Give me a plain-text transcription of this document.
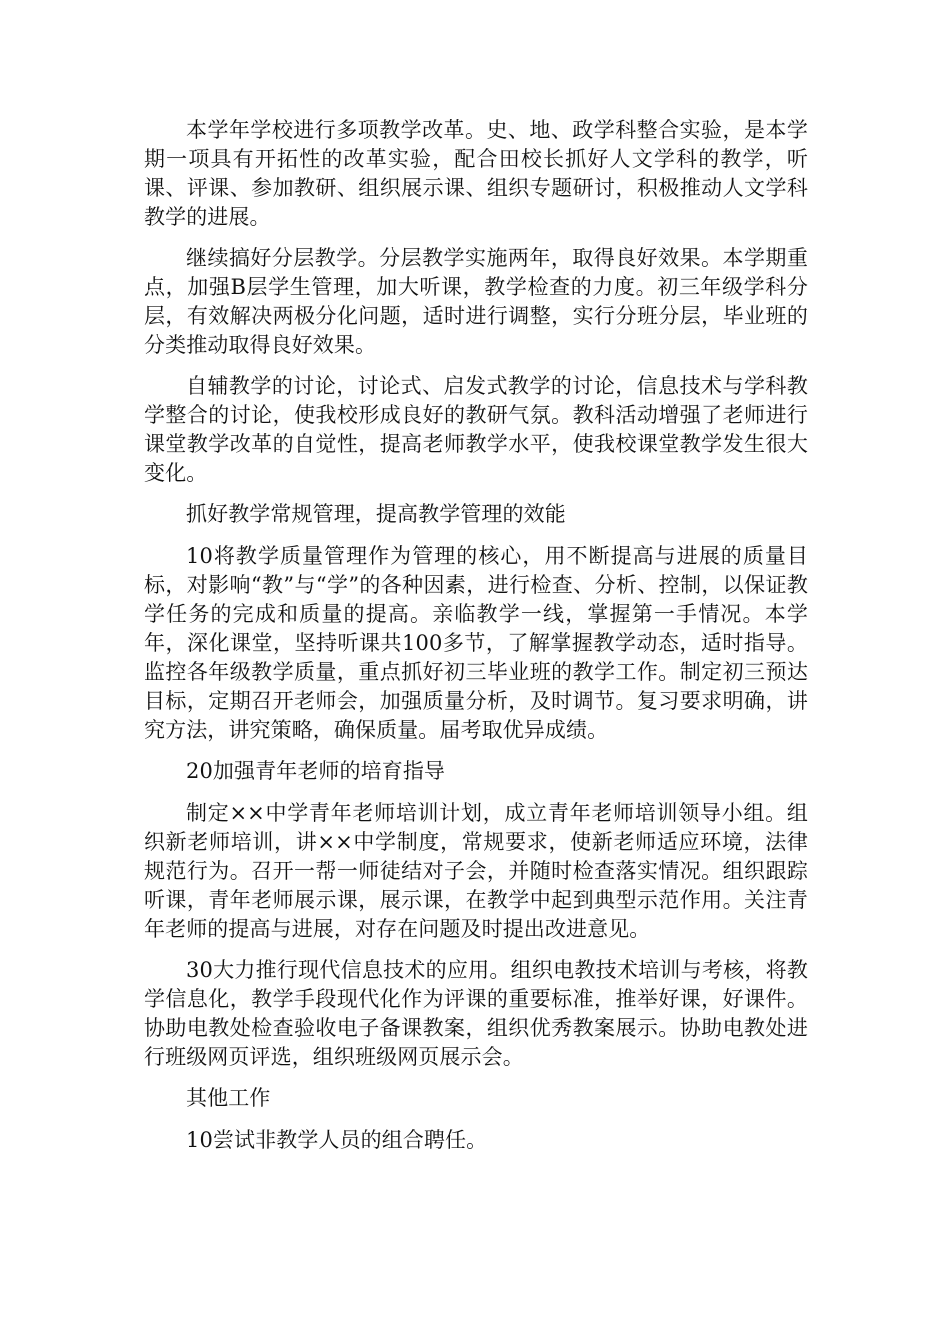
本学年学校进行多项教学改革。史、地、政学科整合实验，是本学期一项具有开拓性的改革实验，配合田校长抓好人文学科的教学，听课、评课、参加教研、组织展示课、组织专题研讨，积极推动人文学科教学的进展。

继续搞好分层教学。分层教学实施两年，取得良好效果。本学期重点，加强B层学生管理，加大听课，教学检查的力度。初三年级学科分层，有效解决两极分化问题，适时进行调整，实行分班分层，毕业班的分类推动取得良好效果。

自辅教学的讨论，讨论式、启发式教学的讨论，信息技术与学科教学整合的讨论，使我校形成良好的教研气氛。教科活动增强了老师进行课堂教学改革的自觉性，提高老师教学水平，使我校课堂教学发生很大变化。

抓好教学常规管理，提高教学管理的效能

10将教学质量管理作为管理的核心，用不断提高与进展的质量目标，对影响“教”与“学”的各种因素，进行检查、分析、控制，以保证教学任务的完成和质量的提高。亲临教学一线，掌握第一手情况。本学年，深化课堂，坚持听课共100多节，了解掌握教学动态，适时指导。监控各年级教学质量，重点抓好初三毕业班的教学工作。制定初三预达目标，定期召开老师会，加强质量分析，及时调节。复习要求明确，讲究方法，讲究策略，确保质量。届考取优异成绩。

20加强青年老师的培育指导

制定××中学青年老师培训计划，成立青年老师培训领导小组。组织新老师培训，讲××中学制度，常规要求，使新老师适应环境，法律规范行为。召开一帮一师徒结对子会，并随时检查落实情况。组织跟踪听课，青年老师展示课，展示课，在教学中起到典型示范作用。关注青年老师的提高与进展，对存在问题及时提出改进意见。

30大力推行现代信息技术的应用。组织电教技术培训与考核，将教学信息化，教学手段现代化作为评课的重要标准，推举好课，好课件。协助电教处检查验收电子备课教案，组织优秀教案展示。协助电教处进行班级网页评选，组织班级网页展示会。

其他工作

10尝试非教学人员的组合聘任。
